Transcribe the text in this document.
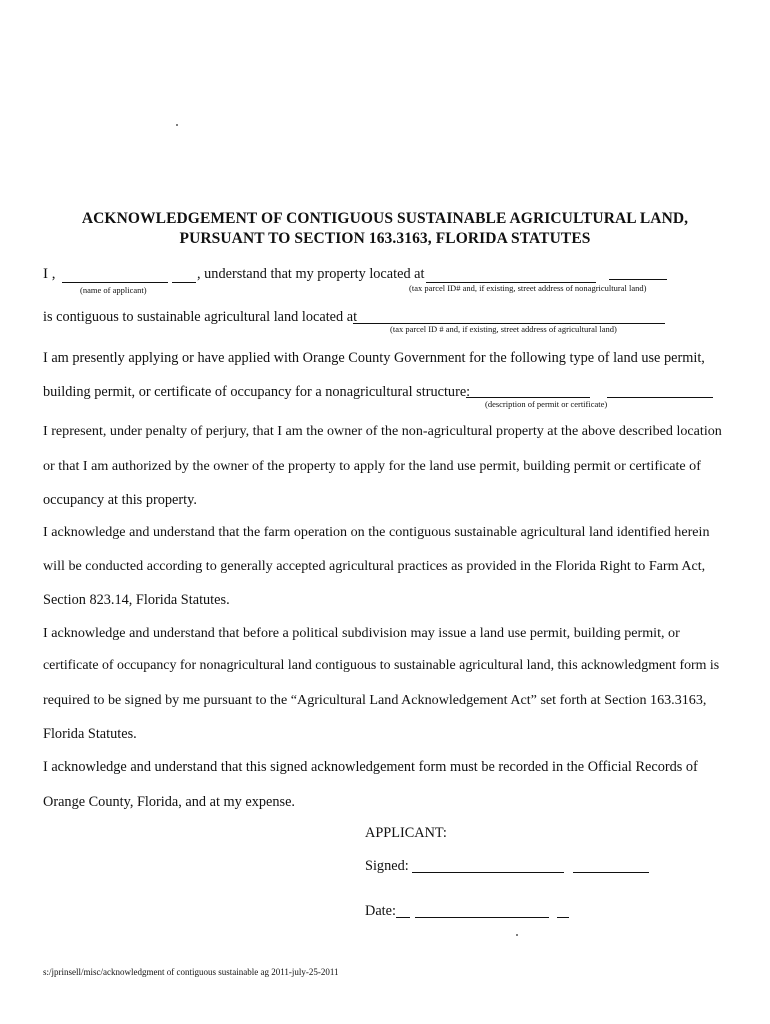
ACKNOWLEDGEMENT OF CONTIGUOUS SUSTAINABLE AGRICULTURAL LAND,
PURSUANT TO SECTION 163.3163, FLORIDA STATUTES
I ,	, understand that my property located at
(name of applicant)	(tax parcel ID# and, if existing, street address of nonagricultural land)
is contiguous to sustainable agricultural land located at
(tax parcel ID # and, if existing, street address of agricultural land)
I am presently applying or have applied with Orange County Government for the following type of land use permit,
building permit, or certificate of occupancy for a nonagricultural structure:
(description of permit or certificate)
I represent, under penalty of perjury, that I am the owner of the non-agricultural property at the above described location
or that I am authorized by the owner of the property to apply for the land use permit, building permit or certificate of
occupancy at this property.
I acknowledge and understand that the farm operation on the contiguous sustainable agricultural land identified herein
will be conducted according to generally accepted agricultural practices as provided in the Florida Right to Farm Act,
Section 823.14, Florida Statutes.
I acknowledge and understand that before a political subdivision may issue a land use permit, building permit, or
certificate of occupancy for nonagricultural land contiguous to sustainable agricultural land, this acknowledgment form is
required to be signed by me pursuant to the “Agricultural Land Acknowledgement Act” set forth at Section 163.3163,
Florida Statutes.
I acknowledge and understand that this signed acknowledgement form must be recorded in the Official Records of
Orange County, Florida, and at my expense.
APPLICANT:
Signed:
Date:
s:/jprinsell/misc/acknowledgment of contiguous sustainable ag 2011-july-25-2011
